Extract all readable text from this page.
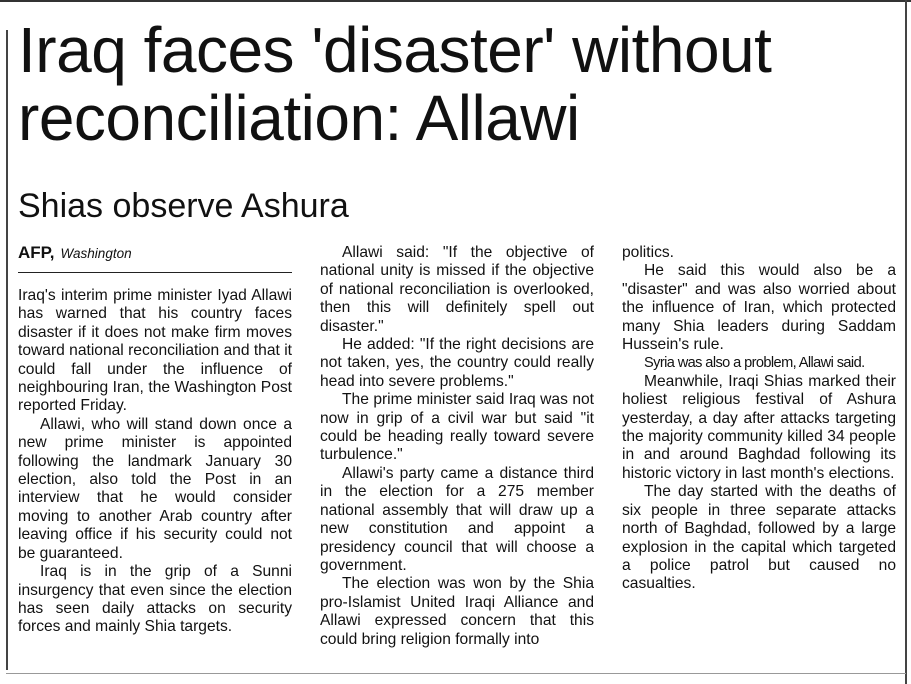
Iraq faces 'disaster' without reconciliation: Allawi
Shias observe Ashura
AFP, Washington

Iraq's interim prime minister Iyad Allawi has warned that his country faces disaster if it does not make firm moves toward national reconciliation and that it could fall under the influence of neighbouring Iran, the Washington Post reported Friday.

Allawi, who will stand down once a new prime minister is appointed following the landmark January 30 election, also told the Post in an interview that he would consider moving to another Arab country after leaving office if his security could not be guaranteed.

Iraq is in the grip of a Sunni insurgency that even since the election has seen daily attacks on security forces and mainly Shia targets.

Allawi said: "If the objective of national unity is missed if the objective of national reconciliation is overlooked, then this will definitely spell out disaster."

He added: "If the right decisions are not taken, yes, the country could really head into severe problems."

The prime minister said Iraq was not now in grip of a civil war but said "it could be heading really toward severe turbulence."

Allawi's party came a distance third in the election for a 275 member national assembly that will draw up a new constitution and appoint a presidency council that will choose a government.

The election was won by the Shia pro-Islamist United Iraqi Alliance and Allawi expressed concern that this could bring religion formally into

politics.

He said this would also be a "disaster" and was also worried about the influence of Iran, which protected many Shia leaders during Saddam Hussein's rule.

Syria was also a problem, Allawi said.

Meanwhile, Iraqi Shias marked their holiest religious festival of Ashura yesterday, a day after attacks targeting the majority community killed 34 people in and around Baghdad following its historic victory in last month's elections.

The day started with the deaths of six people in three separate attacks north of Baghdad, followed by a large explosion in the capital which targeted a police patrol but caused no casualties.
